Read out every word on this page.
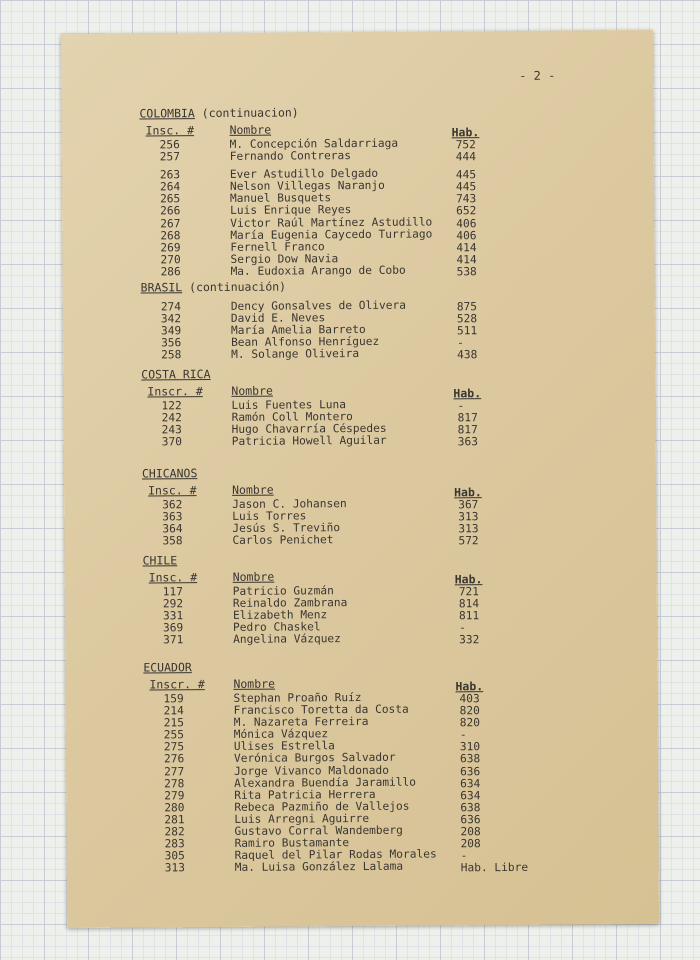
- 2 -
COLOMBIA (continuacion)
Insc. #	Nombre	Hab.
256	M. Concepción Saldarriaga	752
257	Fernando Contreras	444
263	Ever Astudillo Delgado	445
264	Nelson Villegas Naranjo	445
265	Manuel Busquets	743
266	Luis Enrique Reyes	652
267	Victor Raúl Martínez Astudillo 406
268	María Eugenia Caycedo Turriago 406
269	Fernell Franco	414
270	Sergio Dow Navia	414
286	Ma. Eudoxia Arango de Cobo	538
BRASIL (continuación)
274	Dency Gonsalves de Olivera	875
342	David E. Neves	528
349	María Amelia Barreto	511
356	Bean Alfonso Henríguez	-
258	M. Solange Oliveira	438
COSTA RICA
Inscr. # Nombre	Hab.
122	Luis Fuentes Luna	-
242	Ramón Coll Montero	817
243	Hugo Chavarría Céspedes	817
370	Patricia Howell Aguilar	363
CHICANOS
Insc. #	Nombre	Hab.
362	Jason C. Johansen	367
363	Luis Torres	313
364	Jesús S. Treviño	313
358	Carlos Penichet	572
CHILE
Insc. #	Nombre	Hab.
117	Patricio Guzmán	721
292	Reinaldo Zambrana	814
331	Elizabeth Menz	811
369	Pedro Chaskel	-
371	Angelina Vázquez	332
ECUADOR
Inscr. # Nombre	Hab.
159	Stephan Proaño Ruíz	403
214	Francisco Toretta da Costa	820
215	M. Nazareta Ferreira	820
255	Mónica Vázquez	-
275	Ulises Estrella	310
276	Verónica Burgos Salvador	638
277	Jorge Vivanco Maldonado	636
278	Alexandra Buendía Jaramillo	634
279	Rita Patricia Herrera	634
280	Rebeca Pazmiño de Vallejos	638
281	Luis Arregni Aguirre	636
282	Gustavo Corral Wandemberg	208
283	Ramiro Bustamante	208
305	Raquel del Pilar Rodas Morales -
313	Ma. Luisa González Lalama	Hab. Libre
